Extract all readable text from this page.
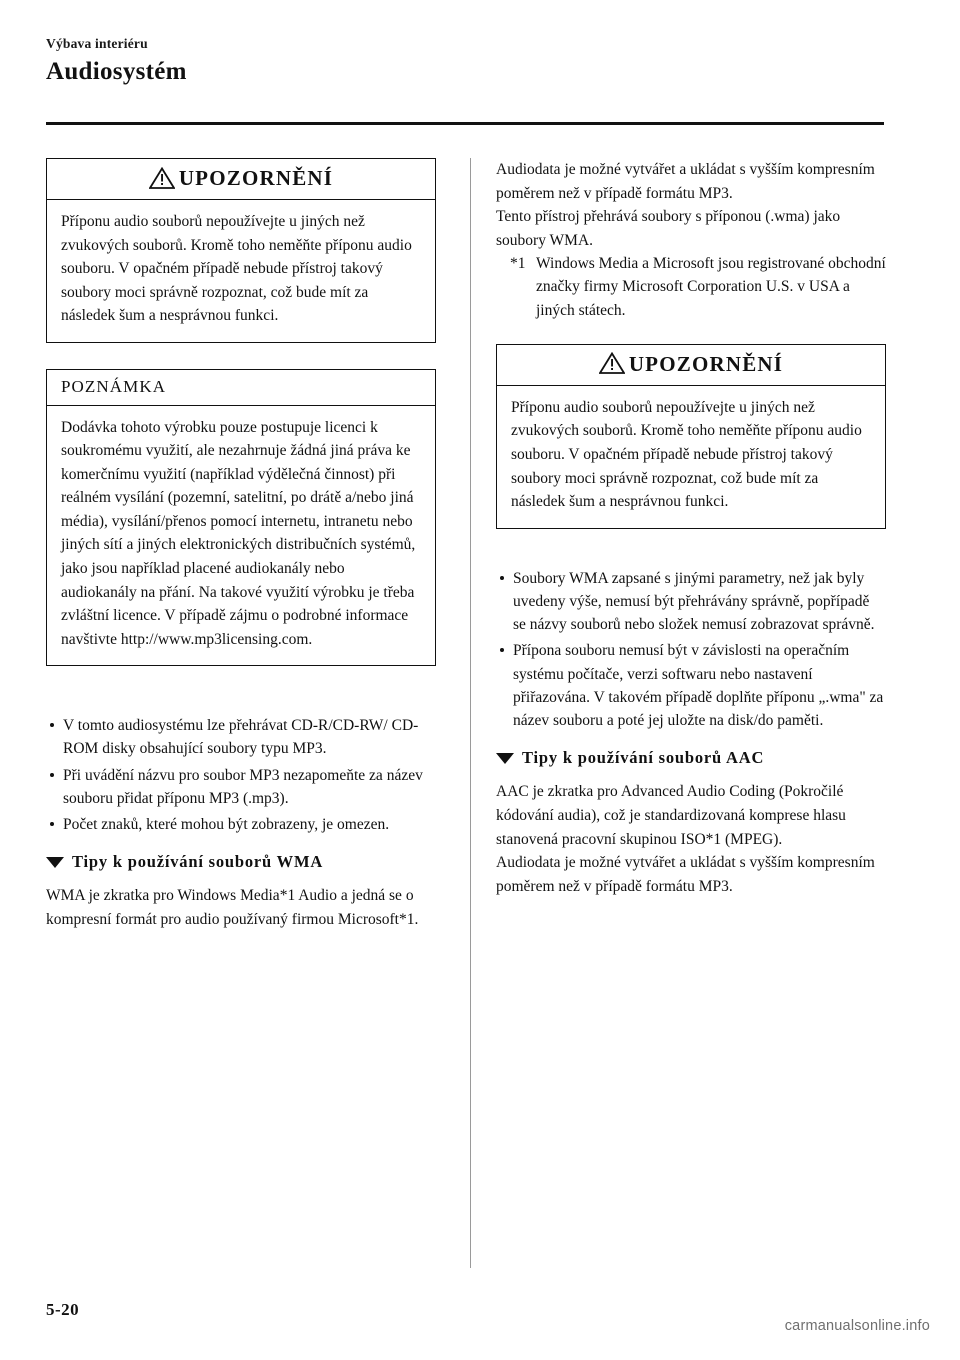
Výbava interiéru
Audiosystém
UPOZORNĚNÍ

Příponu audio souborů nepoužívejte u jiných než zvukových souborů. Kromě toho neměňte příponu audio souboru. V opačném případě nebude přístroj takový soubory moci správně rozpoznat, což bude mít za následek šum a nesprávnou funkci.

POZNÁMKA

Dodávka tohoto výrobku pouze postupuje licenci k soukromému využití, ale nezahrnuje žádná jiná práva ke komerčnímu využití (například výdělečná činnost) při reálném vysílání (pozemní, satelitní, po drátě a/nebo jiná média), vysílání/přenos pomocí internetu, intranetu nebo jiných sítí a jiných elektronických distribučních systémů, jako jsou například placené audiokanály nebo audiokanály na přání. Na takové využití výrobku je třeba zvláštní licence. V případě zájmu o podrobné informace navštivte http://www.mp3licensing.com.

V tomto audiosystému lze přehrávat CD-R/CD-RW/ CD-ROM disky obsahující soubory typu MP3.
Při uvádění názvu pro soubor MP3 nezapomeňte za název souboru přidat příponu MP3 (.mp3).
Počet znaků, které mohou být zobrazeny, je omezen.
Tipy k používání souborů WMA

WMA je zkratka pro Windows Media*1 Audio a jedná se o kompresní formát pro audio používaný firmou Microsoft*1.

Audiodata je možné vytvářet a ukládat s vyšším kompresním poměrem než v případě formátu MP3.

Tento přístroj přehrává soubory s příponou (.wma) jako soubory WMA.

*1 Windows Media a Microsoft jsou registrované obchodní značky firmy Microsoft Corporation U.S. v USA a jiných státech.
UPOZORNĚNÍ

Příponu audio souborů nepoužívejte u jiných než zvukových souborů. Kromě toho neměňte příponu audio souboru. V opačném případě nebude přístroj takový soubory moci správně rozpoznat, což bude mít za následek šum a nesprávnou funkci.

Soubory WMA zapsané s jinými parametry, než jak byly uvedeny výše, nemusí být přehrávány správně, popřípadě se názvy souborů nebo složek nemusí zobrazovat správně.
Přípona souboru nemusí být v závislosti na operačním systému počítače, verzi softwaru nebo nastavení přiřazována. V takovém případě doplňte příponu „.wma" za název souboru a poté jej uložte na disk/do paměti.
Tipy k používání souborů AAC

AAC je zkratka pro Advanced Audio Coding (Pokročilé kódování audia), což je standardizovaná komprese hlasu stanovená pracovní skupinou ISO*1 (MPEG).

Audiodata je možné vytvářet a ukládat s vyšším kompresním poměrem než v případě formátu MP3.

5-20
carmanualsonline.info
